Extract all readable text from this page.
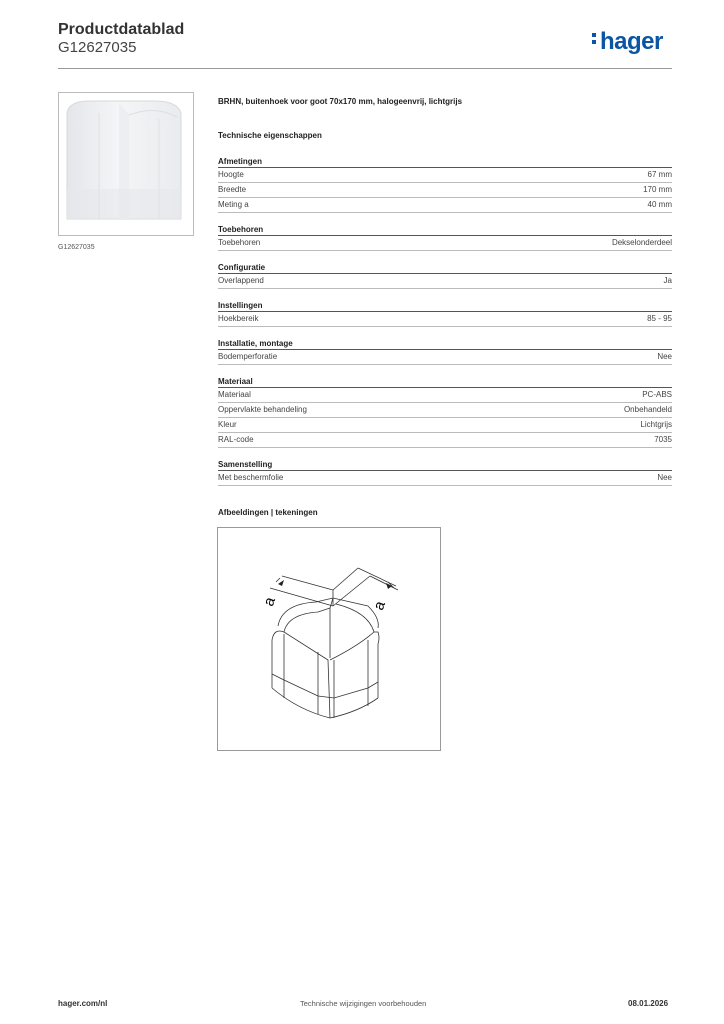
Productdatablad
G12627035	hager
G12627035
BRHN, buitenhoek voor goot 70x170 mm, halogeenvrij, lichtgrijs
Technische eigenschappen
Afmetingen
Hoogte	67 mm
Breedte	170 mm
Meting a	40 mm
Toebehoren
Toebehoren	Dekselonderdeel
Configuratie
Overlappend	Ja
Instellingen
Hoekbereik	85 - 95
Installatie, montage
Bodemperforatie	Nee
Materiaal
Materiaal	PC-ABS
Oppervlakte behandeling	Onbehandeld
Kleur	Lichtgrijs
RAL-code	7035
Samenstelling
Met beschermfolie	Nee
Afbeeldingen | tekeningen
a	a
hager.com/nl	Technische wijzigingen voorbehouden	08.01.2026
